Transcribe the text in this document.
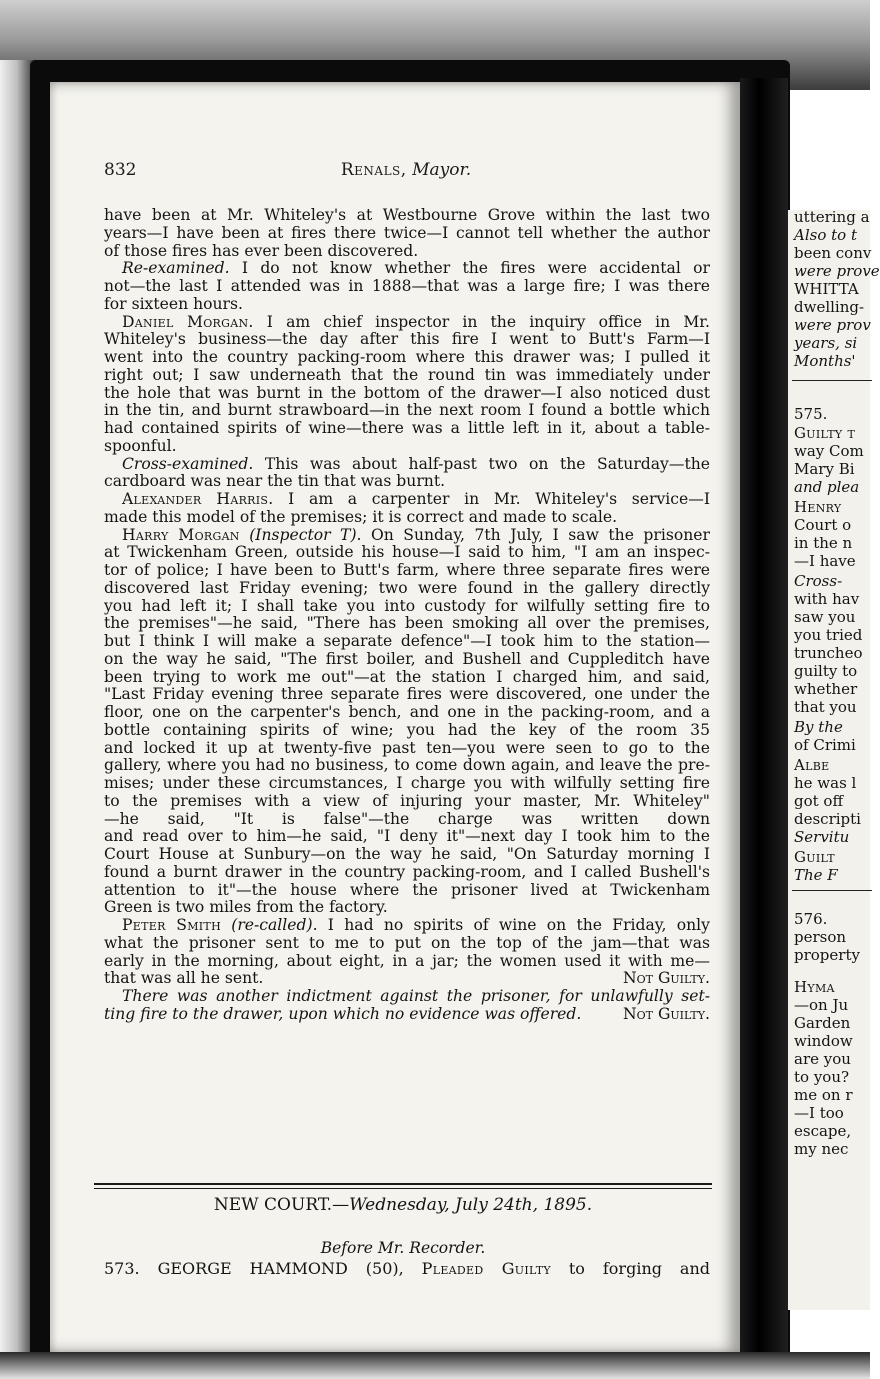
832	Renals, Mayor.
have been at Mr. Whiteley's at Westbourne Grove within the last two
years—I have been at fires there twice—I cannot tell whether the author
of those fires has ever been discovered.
Re-examined. I do not know whether the fires were accidental or
not—the last I attended was in 1888—that was a large fire; I was there
for sixteen hours.
Daniel Morgan. I am chief inspector in the inquiry office in Mr.
Whiteley's business—the day after this fire I went to Butt's Farm—I
went into the country packing-room where this drawer was; I pulled it
right out; I saw underneath that the round tin was immediately under
the hole that was burnt in the bottom of the drawer—I also noticed dust
in the tin, and burnt strawboard—in the next room I found a bottle which
had contained spirits of wine—there was a little left in it, about a table-
spoonful.
Cross-examined. This was about half-past two on the Saturday—the
cardboard was near the tin that was burnt.
Alexander Harris. I am a carpenter in Mr. Whiteley's service—I
made this model of the premises; it is correct and made to scale.
Harry Morgan (Inspector T). On Sunday, 7th July, I saw the prisoner
at Twickenham Green, outside his house—I said to him, "I am an inspec-
tor of police; I have been to Butt's farm, where three separate fires were
discovered last Friday evening; two were found in the gallery directly
you had left it; I shall take you into custody for wilfully setting fire to
the premises"—he said, "There has been smoking all over the premises,
but I think I will make a separate defence"—I took him to the station—
on the way he said, "The first boiler, and Bushell and Cuppleditch have
been trying to work me out"—at the station I charged him, and said,
"Last Friday evening three separate fires were discovered, one under the
floor, one on the carpenter's bench, and one in the packing-room, and a
bottle containing spirits of wine; you had the key of the room 35
and locked it up at twenty-five past ten—you were seen to go to the
gallery, where you had no business, to come down again, and leave the pre-
mises; under these circumstances, I charge you with wilfully setting fire
to the premises with a view of injuring your master, Mr. Whiteley"
—he said, "It is false"—the charge was written down
and read over to him—he said, "I deny it"—next day I took him to the
Court House at Sunbury—on the way he said, "On Saturday morning I
found a burnt drawer in the country packing-room, and I called Bushell's
attention to it"—the house where the prisoner lived at Twickenham
Green is two miles from the factory.
Peter Smith (re-called). I had no spirits of wine on the Friday, only
what the prisoner sent to me to put on the top of the jam—that was
early in the morning, about eight, in a jar; the women used it with me—
that was all he sent.	Not Guilty.
There was another indictment against the prisoner, for unlawfully set-
ting fire to the drawer, upon which no evidence was offered.	Not Guilty.
NEW COURT.—Wednesday, July 24th, 1895.
Before Mr. Recorder.
573. GEORGE HAMMOND (50), Pleaded Guilty to forging and
uttering a
Also to t
been conv
were prove
WHITTA
dwelling-
were prov
years, si
Months'
575.
Guilty t
way Com
Mary Bi
and plea
Henry
Court o
in the n
—I have
Cross-
with hav
saw you
you tried
truncheo
guilty to
whether
that you
By the
of Crimi
Albe
he was l
got off
descripti
Servitu
Guilt
The F
576.
person
property
Hyma
—on Ju
Garden
window
are you
to you?
me on r
—I too
escape,
my nec
